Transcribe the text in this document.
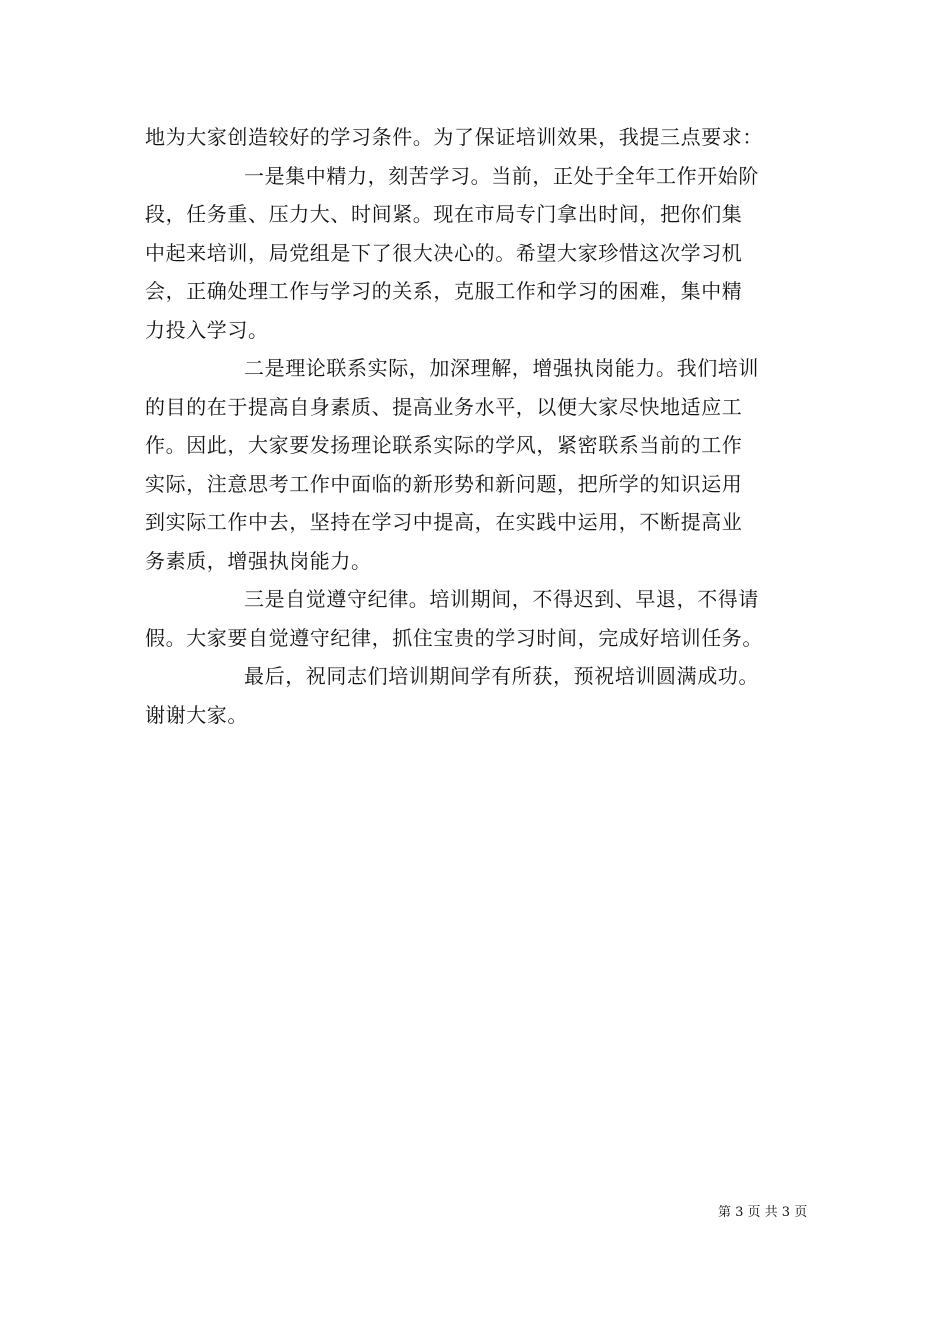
地为大家创造较好的学习条件。为了保证培训效果，我提三点要求：
一是集中精力，刻苦学习。当前，正处于全年工作开始阶
段，任务重、压力大、时间紧。现在市局专门拿出时间，把你们集
中起来培训，局党组是下了很大决心的。希望大家珍惜这次学习机
会，正确处理工作与学习的关系，克服工作和学习的困难，集中精
力投入学习。
二是理论联系实际，加深理解，增强执岗能力。我们培训
的目的在于提高自身素质、提高业务水平，以便大家尽快地适应工
作。因此，大家要发扬理论联系实际的学风，紧密联系当前的工作
实际，注意思考工作中面临的新形势和新问题，把所学的知识运用
到实际工作中去，坚持在学习中提高，在实践中运用，不断提高业
务素质，增强执岗能力。
三是自觉遵守纪律。培训期间，不得迟到、早退，不得请
假。大家要自觉遵守纪律，抓住宝贵的学习时间，完成好培训任务。
最后，祝同志们培训期间学有所获，预祝培训圆满成功。
谢谢大家。
第 3 页 共 3 页
